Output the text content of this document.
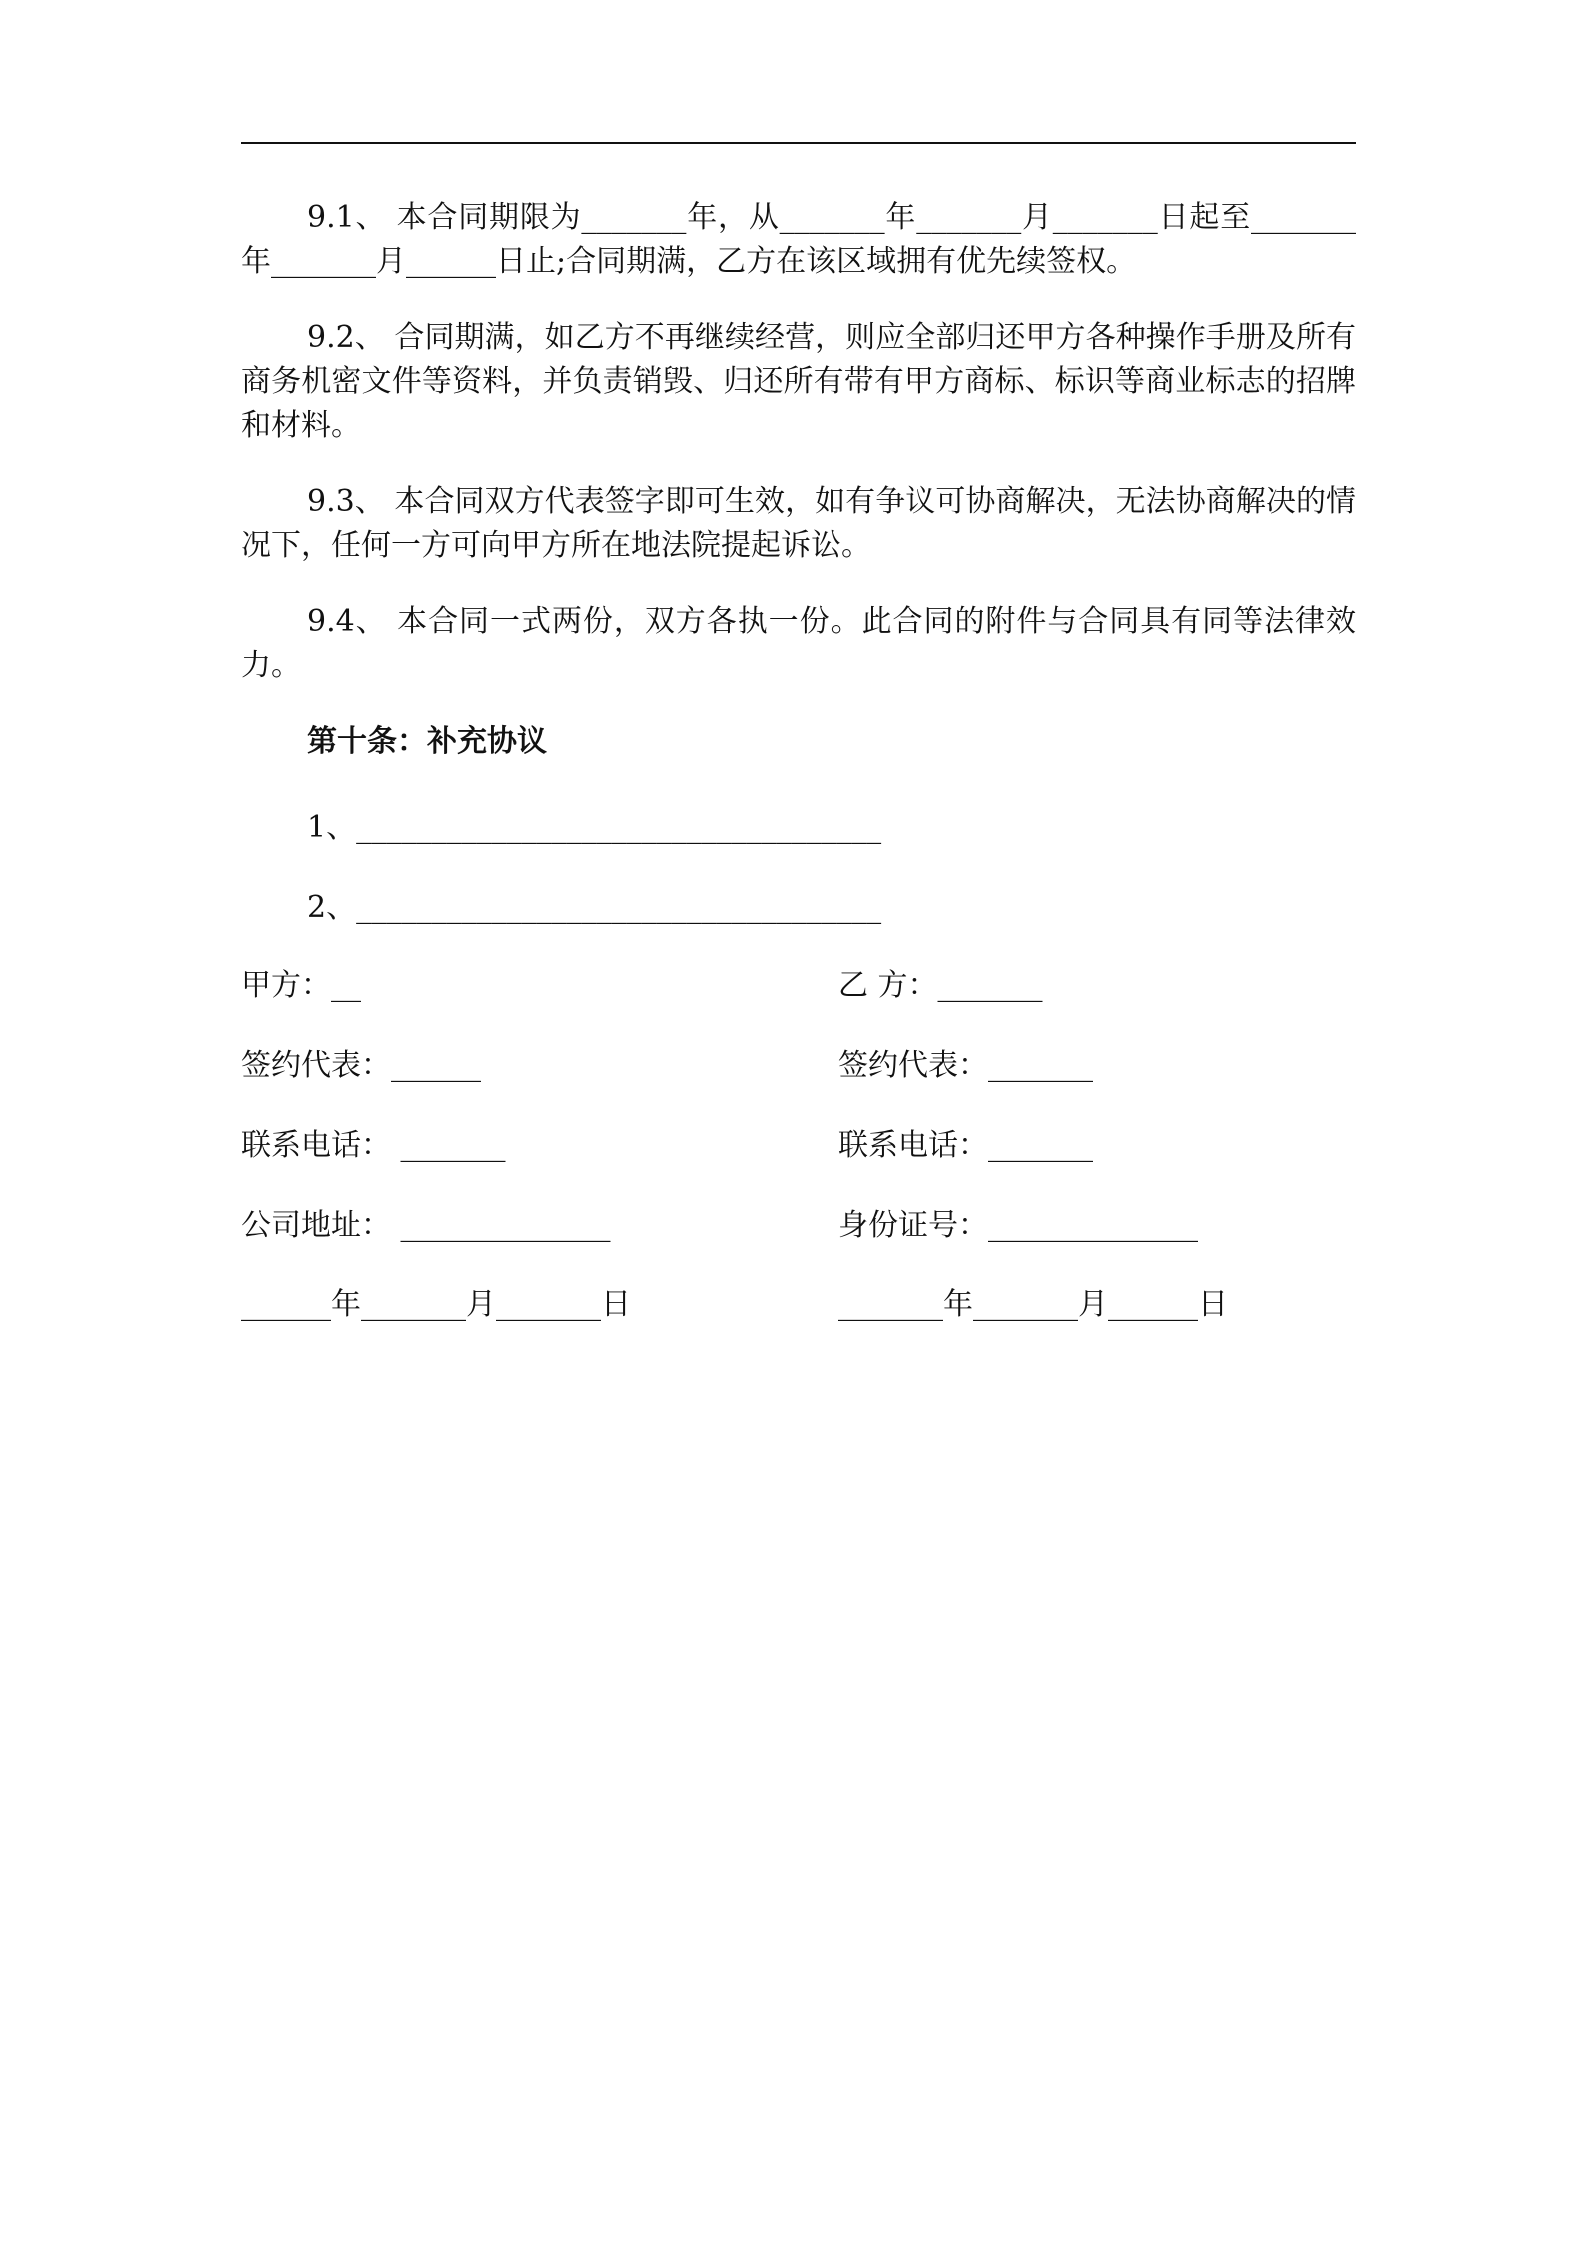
9.1、 本合同期限为_______年，从_______年_______月_______日起至_______年_______月______日止;合同期满，乙方在该区域拥有优先续签权。

9.2、 合同期满，如乙方不再继续经营，则应全部归还甲方各种操作手册及所有商务机密文件等资料，并负责销毁、归还所有带有甲方商标、标识等商业标志的招牌和材料。

9.3、 本合同双方代表签字即可生效，如有争议可协商解决，无法协商解决的情况下，任何一方可向甲方所在地法院提起诉讼。

9.4、 本合同一式两份，双方各执一份。此合同的附件与合同具有同等法律效力。

第十条：补充协议

1、___________________________________

2、___________________________________

甲方：__	乙 方：_______

签约代表：______	签约代表：_______

联系电话： _______	联系电话：_______

公司地址： ______________	身份证号：______________

______年_______月_______日	_______年_______月______日
